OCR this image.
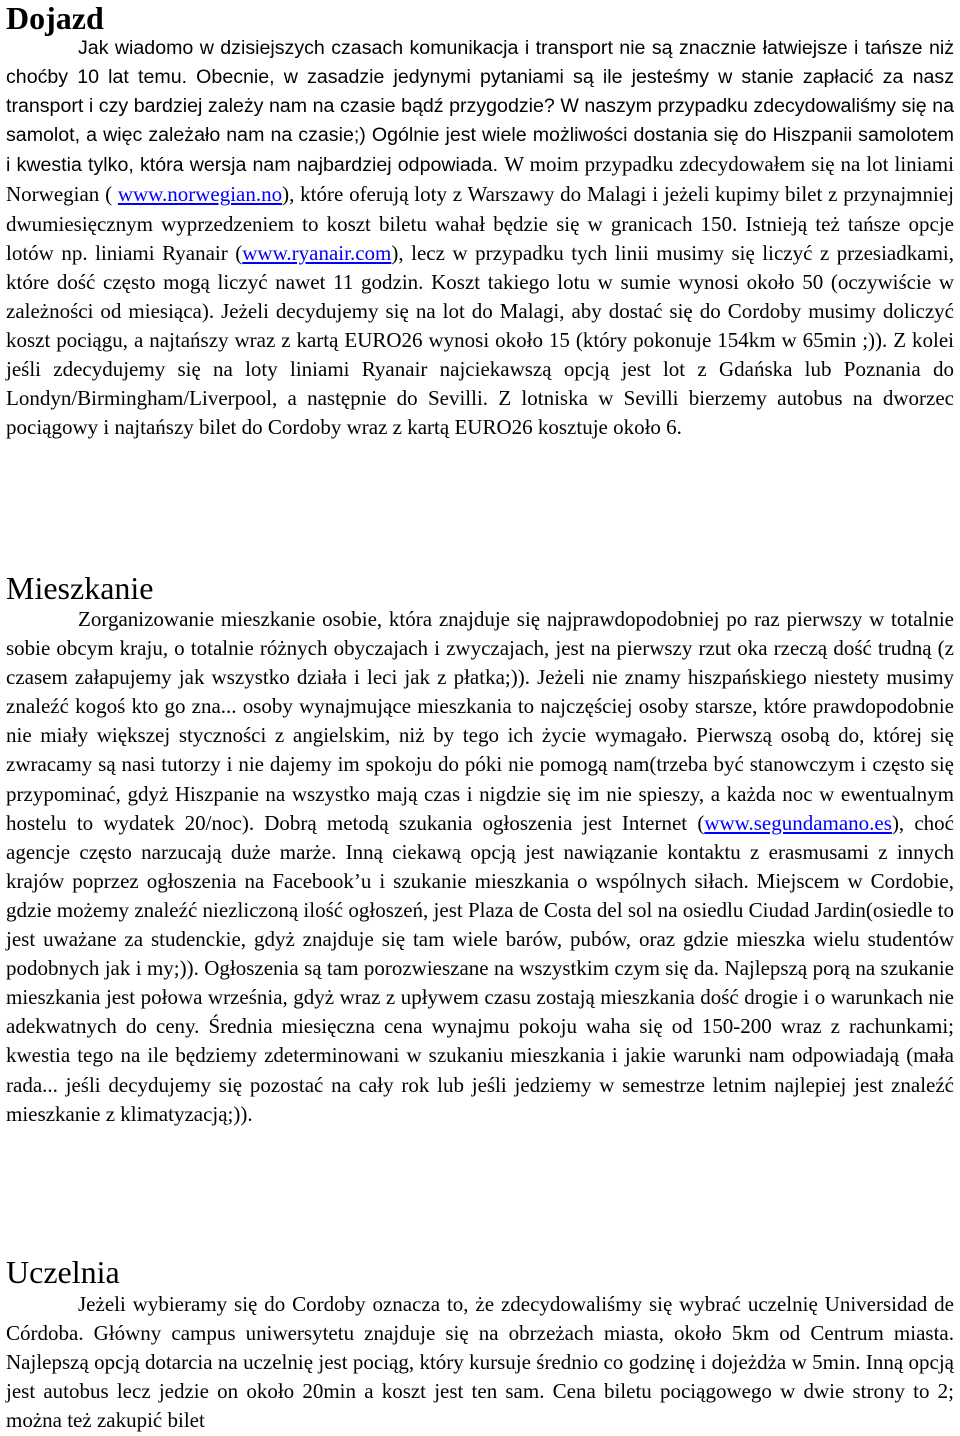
Dojazd

Jak wiadomo w dzisiejszych czasach komunikacja i transport nie są znacznie łatwiejsze i tańsze niż choćby 10 lat temu. Obecnie, w zasadzie jedynymi pytaniami są ile jesteśmy w stanie zapłacić za nasz transport i czy bardziej zależy nam na czasie bądź przygodzie? W naszym przypadku zdecydowaliśmy się na samolot, a więc zależało nam na czasie;) Ogólnie jest wiele możliwości dostania się do Hiszpanii samolotem i kwestia tylko, która wersja nam najbardziej odpowiada. W moim przypadku zdecydowałem się na lot liniami Norwegian ( www.norwegian.no), które oferują loty z Warszawy do Malagi i jeżeli kupimy bilet z przynajmniej dwumiesięcznym wyprzedzeniem to koszt biletu wahał będzie się w granicach 150. Istnieją też tańsze opcje lotów np. liniami Ryanair (www.ryanair.com), lecz w przypadku tych linii musimy się liczyć z przesiadkami, które dość często mogą liczyć nawet 11 godzin. Koszt takiego lotu w sumie wynosi około 50 (oczywiście w zależności od miesiąca). Jeżeli decydujemy się na lot do Malagi, aby dostać się do Cordoby musimy doliczyć koszt pociągu, a najtańszy wraz z kartą EURO26 wynosi około 15 (który pokonuje 154km w 65min ;)). Z kolei jeśli zdecydujemy się na loty liniami Ryanair najciekawszą opcją jest lot z Gdańska lub Poznania do Londyn/Birmingham/Liverpool, a następnie do Sevilli. Z lotniska w Sevilli bierzemy autobus na dworzec pociągowy i najtańszy bilet do Cordoby wraz z kartą EURO26 kosztuje około 6.

Mieszkanie

Zorganizowanie mieszkanie osobie, która znajduje się najprawdopodobniej po raz pierwszy w totalnie sobie obcym kraju, o totalnie różnych obyczajach i zwyczajach, jest na pierwszy rzut oka rzeczą dość trudną (z czasem załapujemy jak wszystko działa i leci jak z płatka;)). Jeżeli nie znamy hiszpańskiego niestety musimy znaleźć kogoś kto go zna... osoby wynajmujące mieszkania to najczęściej osoby starsze, które prawdopodobnie nie miały większej styczności z angielskim, niż by tego ich życie wymagało. Pierwszą osobą do, której się zwracamy są nasi tutorzy i nie dajemy im spokoju do póki nie pomogą nam(trzeba być stanowczym i często się przypominać, gdyż Hiszpanie na wszystko mają czas i nigdzie się im nie spieszy, a każda noc w ewentualnym hostelu to wydatek 20/noc). Dobrą metodą szukania ogłoszenia jest Internet (www.segundamano.es), choć agencje często narzucają duże marże. Inną ciekawą opcją jest nawiązanie kontaktu z erasmusami z innych krajów poprzez ogłoszenia na Facebook’u i szukanie mieszkania o wspólnych siłach. Miejscem w Cordobie, gdzie możemy znaleźć niezliczoną ilość ogłoszeń, jest Plaza de Costa del sol na osiedlu Ciudad Jardin(osiedle to jest uważane za studenckie, gdyż znajduje się tam wiele barów, pubów, oraz gdzie mieszka wielu studentów podobnych jak i my;)). Ogłoszenia są tam porozwieszane na wszystkim czym się da. Najlepszą porą na szukanie mieszkania jest połowa września, gdyż wraz z upływem czasu zostają mieszkania dość drogie i o warunkach nie adekwatnych do ceny. Średnia miesięczna cena wynajmu pokoju waha się od 150-200 wraz z rachunkami; kwestia tego na ile będziemy zdeterminowani w szukaniu mieszkania i jakie warunki nam odpowiadają (mała rada... jeśli decydujemy się pozostać na cały rok lub jeśli jedziemy w semestrze letnim najlepiej jest znaleźć mieszkanie z klimatyzacją;)).

Uczelnia

Jeżeli wybieramy się do Cordoby oznacza to, że zdecydowaliśmy się wybrać uczelnię Universidad de Córdoba. Główny campus uniwersytetu znajduje się na obrzeżach miasta, około 5km od Centrum miasta. Najlepszą opcją dotarcia na uczelnię jest pociąg, który kursuje średnio co godzinę i dojeżdża w 5min. Inną opcją jest autobus lecz jedzie on około 20min a koszt jest ten sam. Cena biletu pociągowego w dwie strony to 2; można też zakupić bilet
